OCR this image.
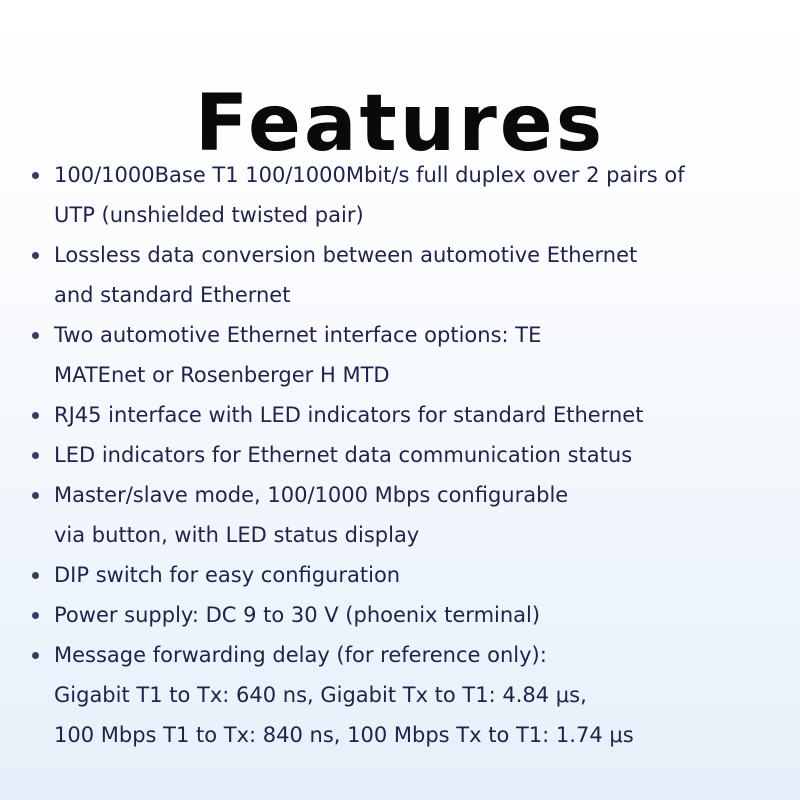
Features
100/1000Base T1 100/1000Mbit/s full duplex over 2 pairs of
UTP (unshielded twisted pair)
Lossless data conversion between automotive Ethernet
and standard Ethernet
Two automotive Ethernet interface options: TE
MATEnet or Rosenberger H MTD
RJ45 interface with LED indicators for standard Ethernet
LED indicators for Ethernet data communication status
Master/slave mode, 100/1000 Mbps configurable
via button, with LED status display
DIP switch for easy configuration
Power supply: DC 9 to 30 V (phoenix terminal)
Message forwarding delay (for reference only):
Gigabit T1 to Tx: 640 ns, Gigabit Tx to T1: 4.84 μs,
100 Mbps T1 to Tx: 840 ns, 100 Mbps Tx to T1: 1.74 μs
